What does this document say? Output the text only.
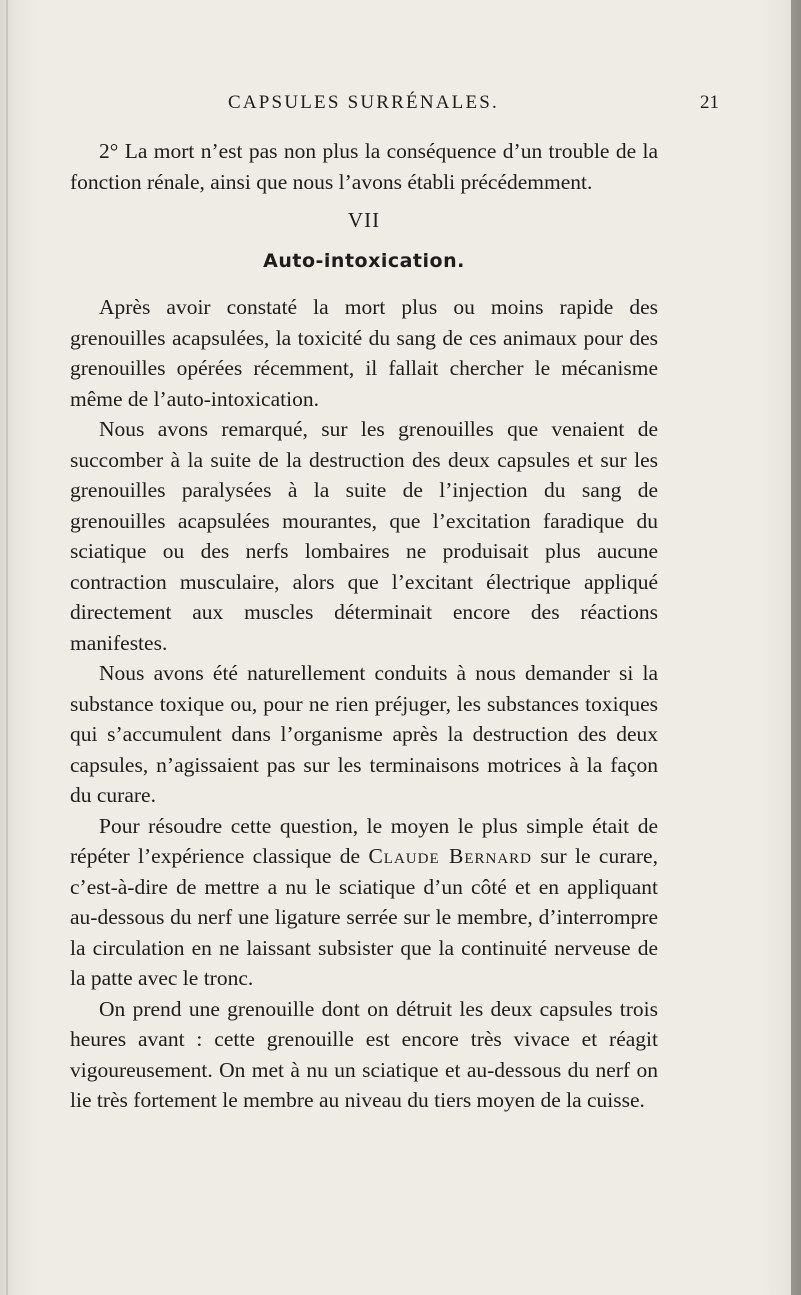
CAPSULES SURRÉNALES.	21

2° La mort n’est pas non plus la conséquence d’un trouble de la fonction rénale, ainsi que nous l’avons établi précédemment.

VII
Auto-intoxication.

Après avoir constaté la mort plus ou moins rapide des grenouilles acapsulées, la toxicité du sang de ces animaux pour des grenouilles opérées récemment, il fallait chercher le mécanisme même de l’auto-intoxication.

Nous avons remarqué, sur les grenouilles que venaient de succomber à la suite de la destruction des deux capsules et sur les grenouilles paralysées à la suite de l’injection du sang de grenouilles acapsulées mourantes, que l’excitation faradique du sciatique ou des nerfs lombaires ne produisait plus aucune contraction musculaire, alors que l’excitant électrique appliqué directement aux muscles déterminait encore des réactions manifestes.

Nous avons été naturellement conduits à nous demander si la substance toxique ou, pour ne rien préjuger, les substances toxiques qui s’accumulent dans l’organisme après la destruction des deux capsules, n’agissaient pas sur les terminaisons motrices à la façon du curare.

Pour résoudre cette question, le moyen le plus simple était de répéter l’expérience classique de Claude Bernard sur le curare, c’est-à-dire de mettre a nu le sciatique d’un côté et en appliquant au-dessous du nerf une ligature serrée sur le membre, d’interrompre la circulation en ne laissant subsister que la continuité nerveuse de la patte avec le tronc.

On prend une grenouille dont on détruit les deux capsules trois heures avant : cette grenouille est encore très vivace et réagit vigoureusement. On met à nu un sciatique et au-dessous du nerf on lie très fortement le membre au niveau du tiers moyen de la cuisse.
